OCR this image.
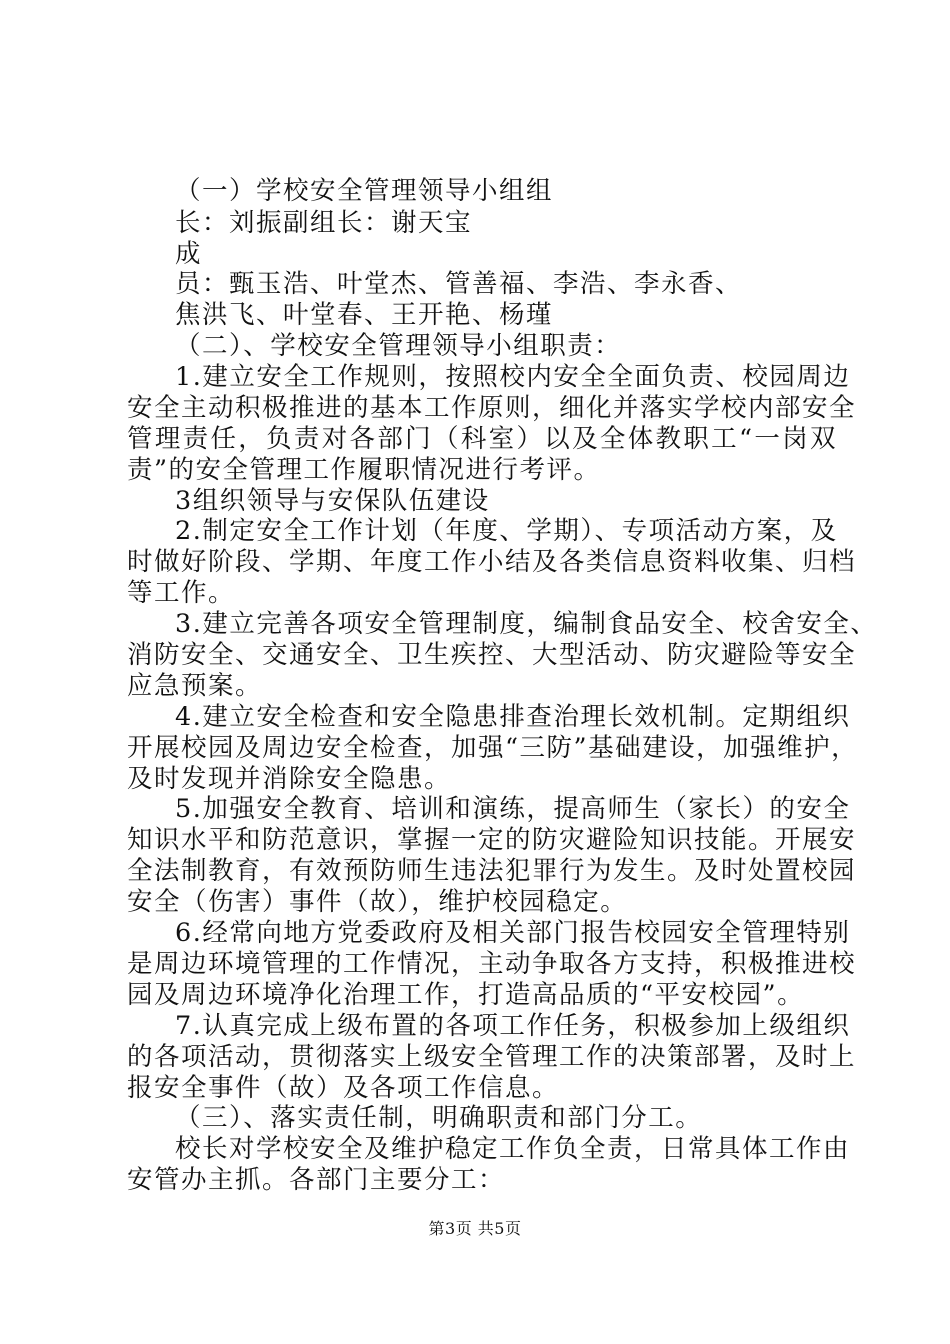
（一）学校安全管理领导小组组
长：刘振副组长：谢天宝
成
员：甄玉浩、叶堂杰、管善福、李浩、李永香、
焦洪飞、叶堂春、王开艳、杨瑾
（二）、学校安全管理领导小组职责：
1.建立安全工作规则，按照校内安全全面负责、校园周边
安全主动积极推进的基本工作原则，细化并落实学校内部安全
管理责任，负责对各部门（科室）以及全体教职工“一岗双
责”的安全管理工作履职情况进行考评。
3组织领导与安保队伍建设
2.制定安全工作计划（年度、学期）、专项活动方案，及
时做好阶段、学期、年度工作小结及各类信息资料收集、归档
等工作。
3.建立完善各项安全管理制度，编制食品安全、校舍安全、
消防安全、交通安全、卫生疾控、大型活动、防灾避险等安全
应急预案。
4.建立安全检查和安全隐患排查治理长效机制。定期组织
开展校园及周边安全检查，加强“三防”基础建设，加强维护，
及时发现并消除安全隐患。
5.加强安全教育、培训和演练，提高师生（家长）的安全
知识水平和防范意识，掌握一定的防灾避险知识技能。开展安
全法制教育，有效预防师生违法犯罪行为发生。及时处置校园
安全（伤害）事件（故），维护校园稳定。
6.经常向地方党委政府及相关部门报告校园安全管理特别
是周边环境管理的工作情况，主动争取各方支持，积极推进校
园及周边环境净化治理工作，打造高品质的“平安校园”。
7.认真完成上级布置的各项工作任务，积极参加上级组织
的各项活动，贯彻落实上级安全管理工作的决策部署，及时上
报安全事件（故）及各项工作信息。
（三）、落实责任制，明确职责和部门分工。
校长对学校安全及维护稳定工作负全责，日常具体工作由
安管办主抓。各部门主要分工：
第3页 共5页
